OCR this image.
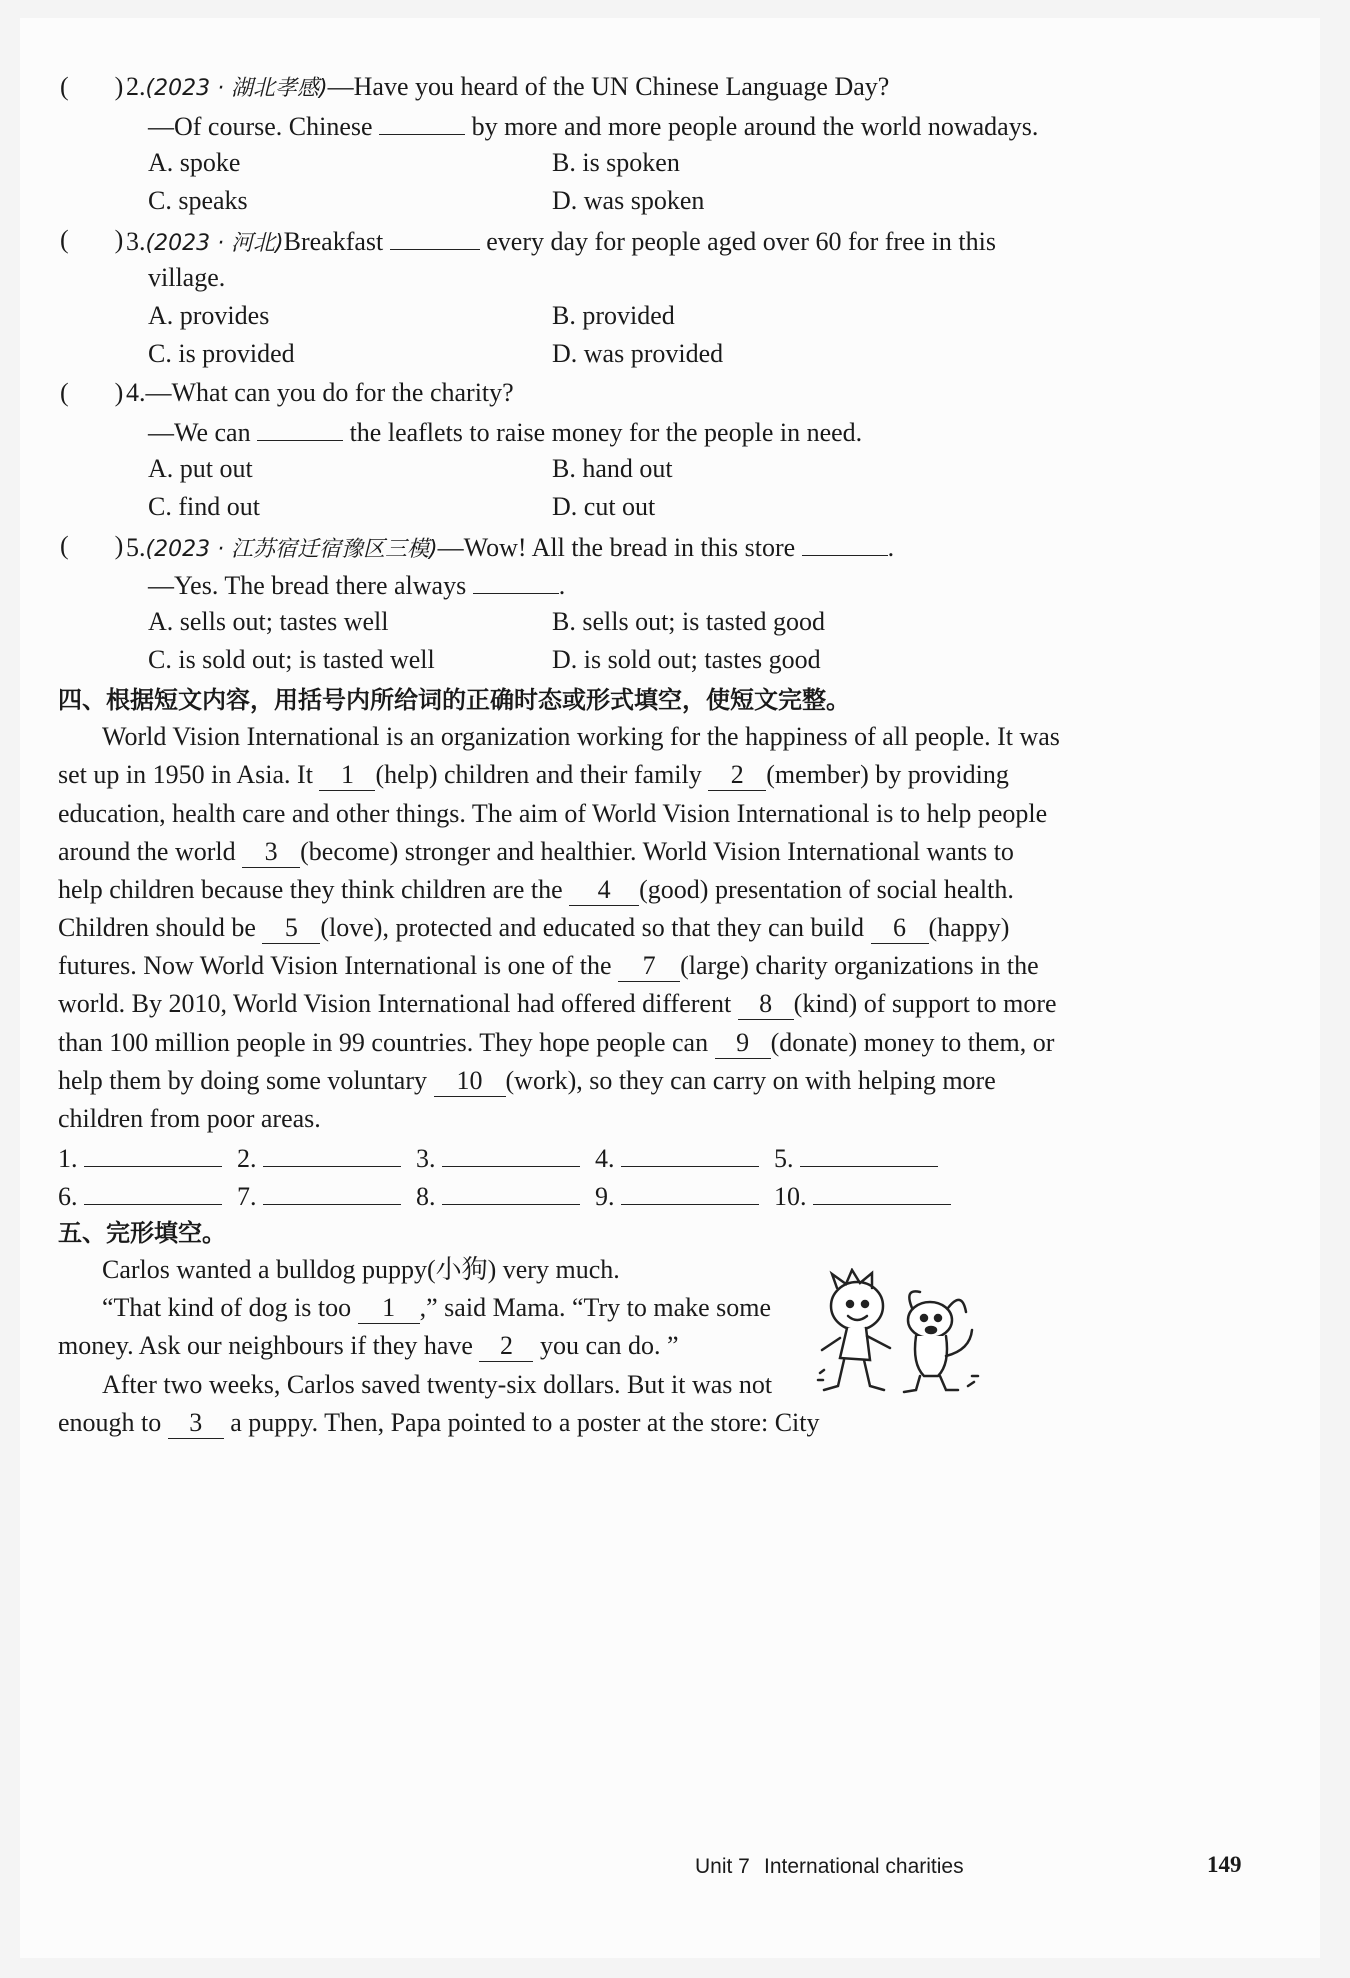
( ) 2.(2023 · 湖北孝感)—Have you heard of the UN Chinese Language Day?
—Of course. Chinese	by more and more people around the world nowadays.
A. spoke	B. is spoken
C. speaks	D. was spoken
( ) 3.(2023 · 河北)Breakfast	every day for people aged over 60 for free in this
village.
A. provides	B. provided
C. is provided	D. was provided
( ) 4.—What can you do for the charity?
—We can	the leaflets to raise money for the people in need.
A. put out	B. hand out
C. find out	D. cut out
( ) 5.(2023 · 江苏宿迁宿豫区三模)—Wow! All the bread in this store	.
—Yes. The bread there always	.
A. sells out; tastes well	B. sells out; is tasted good
C. is sold out; is tasted well	D. is sold out; tastes good
四、根据短文内容，用括号内所给词的正确时态或形式填空，使短文完整。
World Vision International is an organization working for the happiness of all people. It was
set up in 1950 in Asia. It 1 (help) children and their family 2 (member) by providing
education, health care and other things. The aim of World Vision International is to help people
around the world 3 (become) stronger and healthier. World Vision International wants to
help children because they think children are the 4 (good) presentation of social health.
Children should be 5 (love), protected and educated so that they can build 6 (happy)
futures. Now World Vision International is one of the 7 (large) charity organizations in the
world. By 2010, World Vision International had offered different 8 (kind) of support to more
than 100 million people in 99 countries. They hope people can 9 (donate) money to them, or
help them by doing some voluntary 10 (work), so they can carry on with helping more
children from poor areas.
1.	2.	3.	4.	5.
6.	7.	8.	9.	10.
五、完形填空。
Carlos wanted a bulldog puppy(小狗) very much.
“That kind of dog is too 1 ,” said Mama. “Try to make some
money. Ask our neighbours if they have 2 you can do. ”
After two weeks, Carlos saved twenty-six dollars. But it was not
enough to 3 a puppy. Then, Papa pointed to a poster at the store: City
Unit 7 International charities	149
